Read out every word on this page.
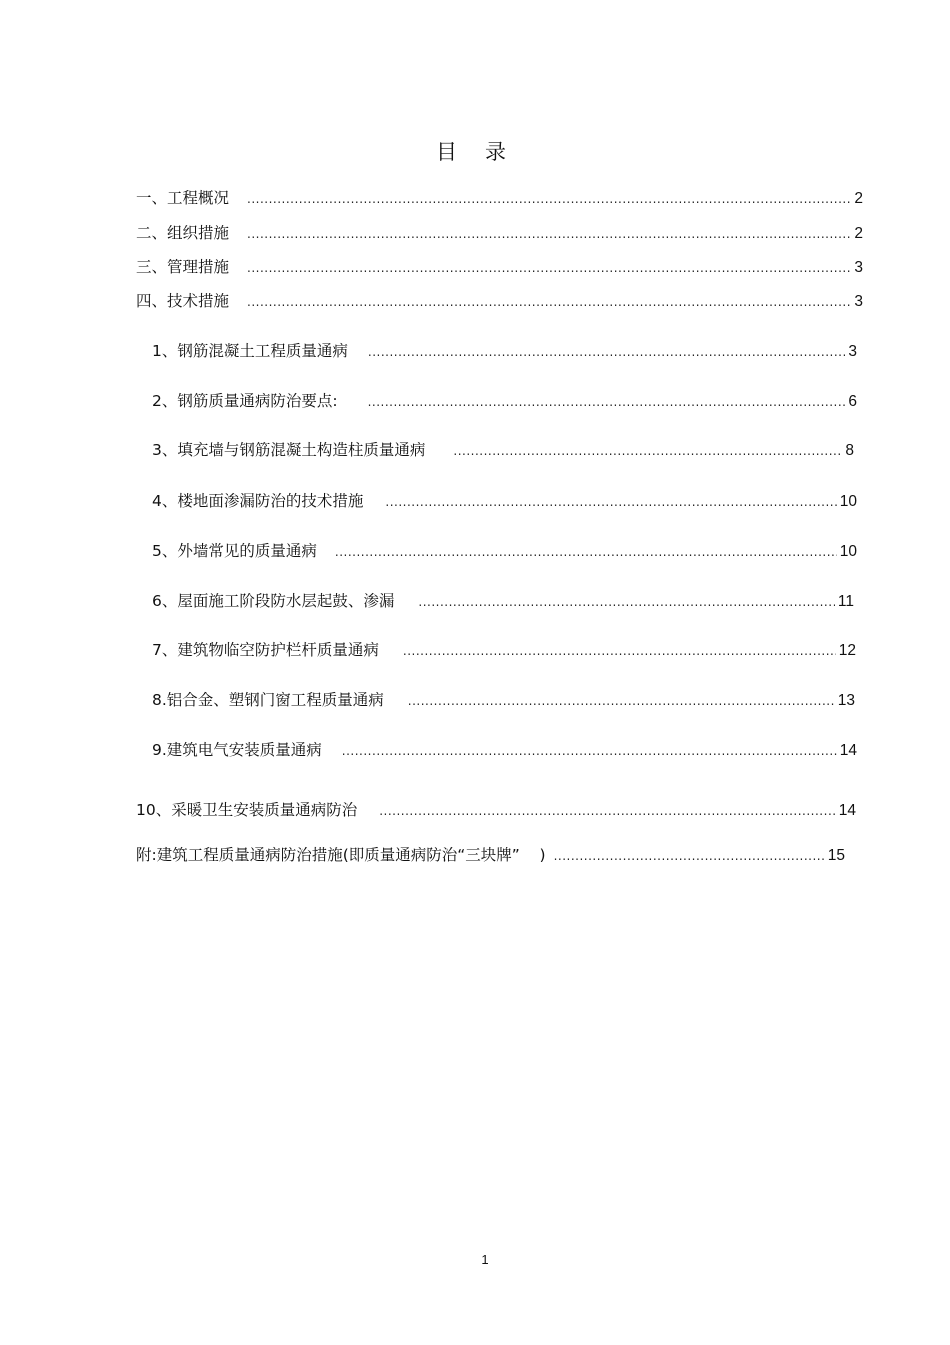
目录
一、工程概况 .....	2
二、组织措施 .....	2
三、管理措施 .....	3
四、技术措施 .....	3
1、钢筋混凝土工程质量通病 .....	3
2、钢筋质量通病防治要点: .....	6
3、填充墙与钢筋混凝土构造柱质量通病 .....	8
4、楼地面渗漏防治的技术措施 .....	10
5、外墙常见的质量通病 .....	10
6、屋面施工阶段防水层起鼓、渗漏 .....	11
7、建筑物临空防护栏杆质量通病 .....	12
8.铝合金、塑钢门窗工程质量通病 .....	13
9.建筑电气安装质量通病 .....	14
10、采暖卫生安装质量通病防治 .....	14
附:建筑工程质量通病防治措施(即质量通病防治“三块牌”    ) .....	15
1
